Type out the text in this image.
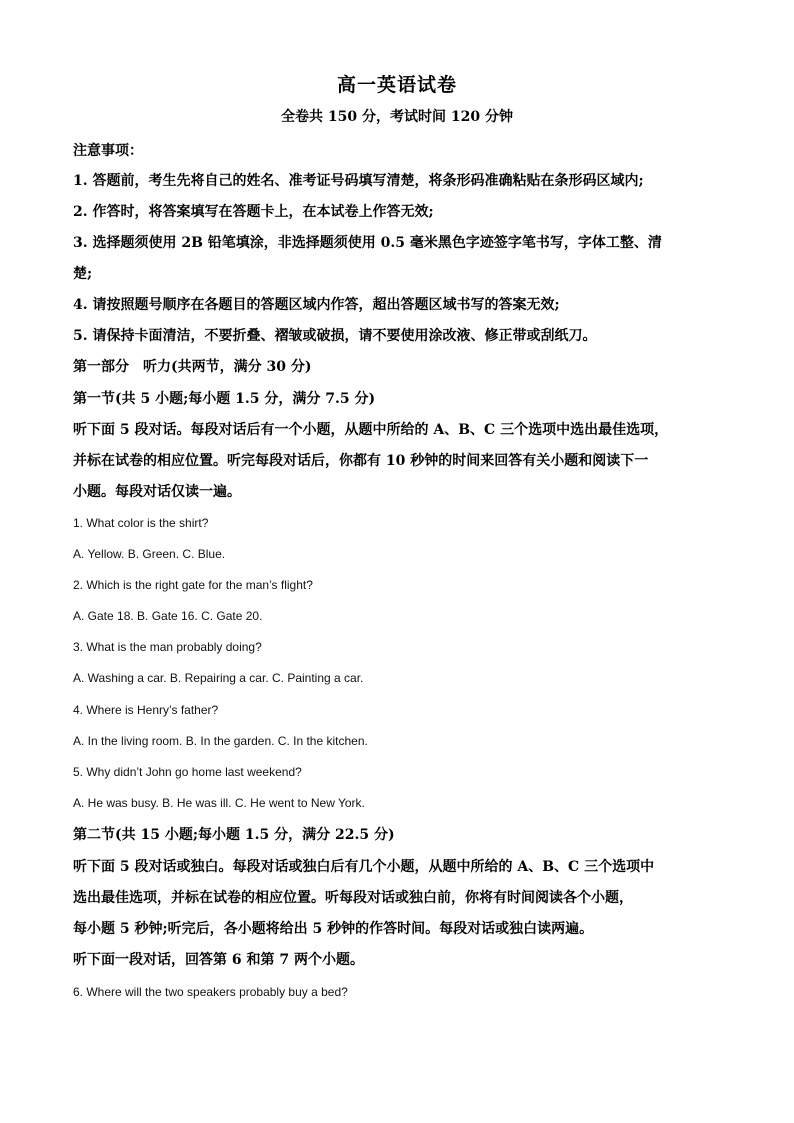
高一英语试卷
全卷共 150 分，考试时间 120 分钟
注意事项：
1. 答题前，考生先将自己的姓名、准考证号码填写清楚，将条形码准确粘贴在条形码区域内;
2. 作答时，将答案填写在答题卡上，在本试卷上作答无效;
3. 选择题须使用 2B 铅笔填涂，非选择题须使用 0.5 毫米黑色字迹签字笔书写，字体工整、清
楚;
4. 请按照题号顺序在各题目的答题区域内作答，超出答题区域书写的答案无效;
5. 请保持卡面清洁，不要折叠、褶皱或破损，请不要使用涂改液、修正带或刮纸刀。
第一部分　听力(共两节，满分 30 分)
第一节(共 5 小题;每小题 1.5 分，满分 7.5 分)
听下面 5 段对话。每段对话后有一个小题，从题中所给的 A、B、C 三个选项中选出最佳选项，
并标在试卷的相应位置。听完每段对话后，你都有 10 秒钟的时间来回答有关小题和阅读下一
小题。每段对话仅读一遍。
1. What color is the shirt?
A. Yellow. B. Green. C. Blue.
2. Which is the right gate for the man’s flight?
A. Gate 18. B. Gate 16. C. Gate 20.
3. What is the man probably doing?
A. Washing a car. B. Repairing a car. C. Painting a car.
4. Where is Henry’s father?
A. In the living room. B. In the garden. C. In the kitchen.
5. Why didn’t John go home last weekend?
A. He was busy. B. He was ill. C. He went to New York.
第二节(共 15 小题;每小题 1.5 分，满分 22.5 分)
听下面 5 段对话或独白。每段对话或独白后有几个小题，从题中所给的 A、B、C 三个选项中
选出最佳选项，并标在试卷的相应位置。听每段对话或独白前，你将有时间阅读各个小题，
每小题 5 秒钟;听完后，各小题将给出 5 秒钟的作答时间。每段对话或独白读两遍。
听下面一段对话，回答第 6 和第 7 两个小题。
6. Where will the two speakers probably buy a bed?
